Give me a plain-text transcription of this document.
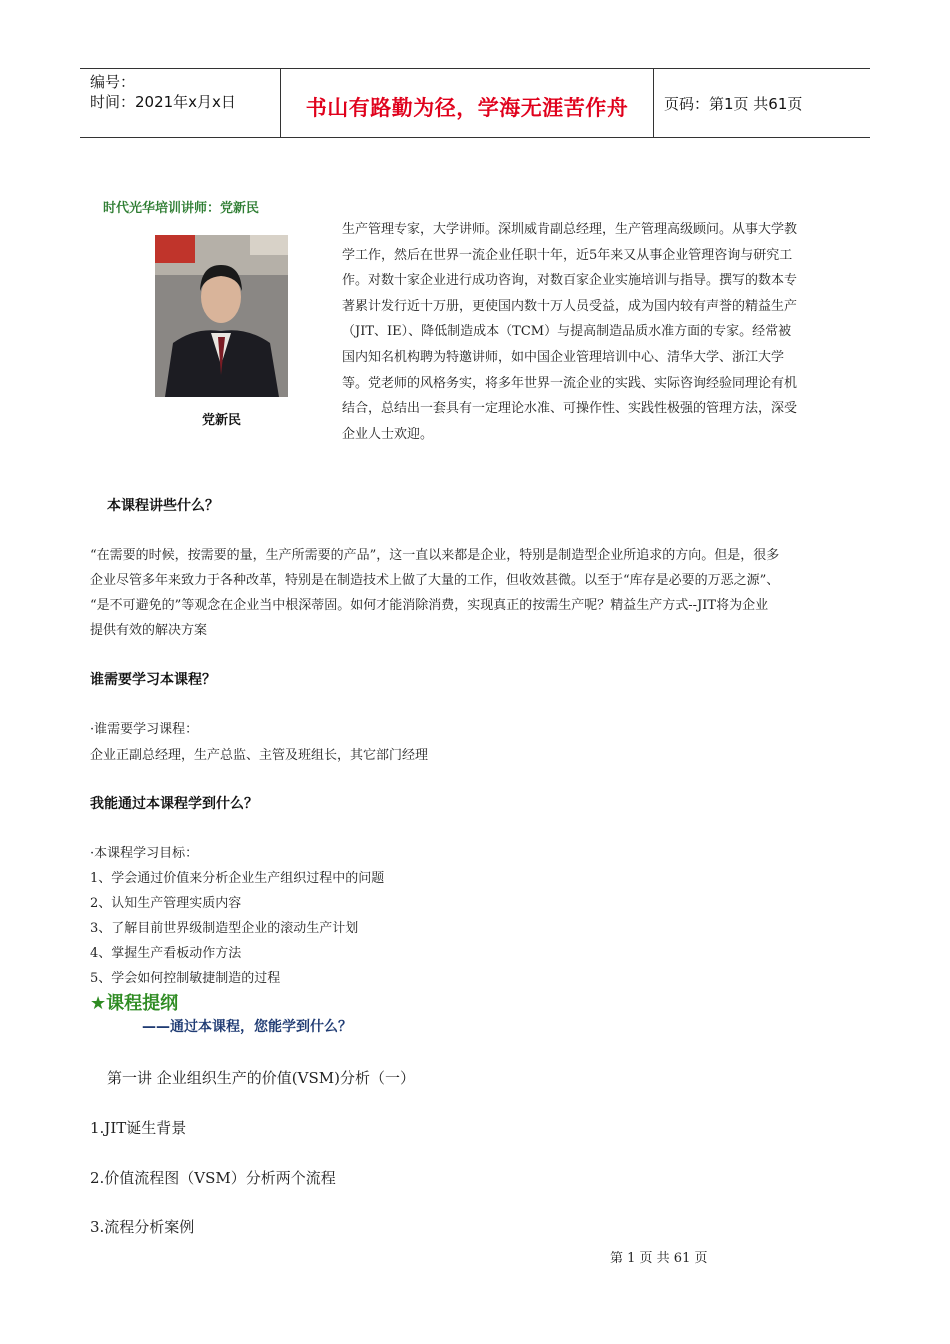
编号：
时间：2021年x月x日	书山有路勤为径，学海无涯苦作舟	页码：第1页 共61页
时代光华培训讲师：党新民
党新民
生产管理专家，大学讲师。深圳威肯副总经理，生产管理高级顾问。从事大学教
学工作，然后在世界一流企业任职十年，近5年来又从事企业管理咨询与研究工
作。对数十家企业进行成功咨询，对数百家企业实施培训与指导。撰写的数本专
著累计发行近十万册，更使国内数十万人员受益，成为国内较有声誉的精益生产
（JIT、IE）、降低制造成本（TCM）与提高制造品质水准方面的专家。经常被
国内知名机构聘为特邀讲师，如中国企业管理培训中心、清华大学、浙江大学
等。党老师的风格务实，将多年世界一流企业的实践、实际咨询经验同理论有机
结合，总结出一套具有一定理论水准、可操作性、实践性极强的管理方法，深受
企业人士欢迎。
本课程讲些什么？
“在需要的时候，按需要的量，生产所需要的产品”，这一直以来都是企业，特别是制造型企业所追求的方向。但是，很多
企业尽管多年来致力于各种改革，特别是在制造技术上做了大量的工作，但收效甚微。以至于“库存是必要的万恶之源”、
“是不可避免的”等观念在企业当中根深蒂固。如何才能消除消费，实现真正的按需生产呢？精益生产方式--JIT将为企业
提供有效的解决方案
谁需要学习本课程？
·谁需要学习课程：
企业正副总经理，生产总监、主管及班组长，其它部门经理
我能通过本课程学到什么？
·本课程学习目标：
1、学会通过价值来分析企业生产组织过程中的问题
2、认知生产管理实质内容
3、了解目前世界级制造型企业的滚动生产计划
4、掌握生产看板动作方法
5、学会如何控制敏捷制造的过程
★课程提纲
——通过本课程，您能学到什么？
第一讲 企业组织生产的价值(VSM)分析（一）
1.JIT诞生背景
2.价值流程图（VSM）分析两个流程
3.流程分析案例
第 1 页 共 61 页
